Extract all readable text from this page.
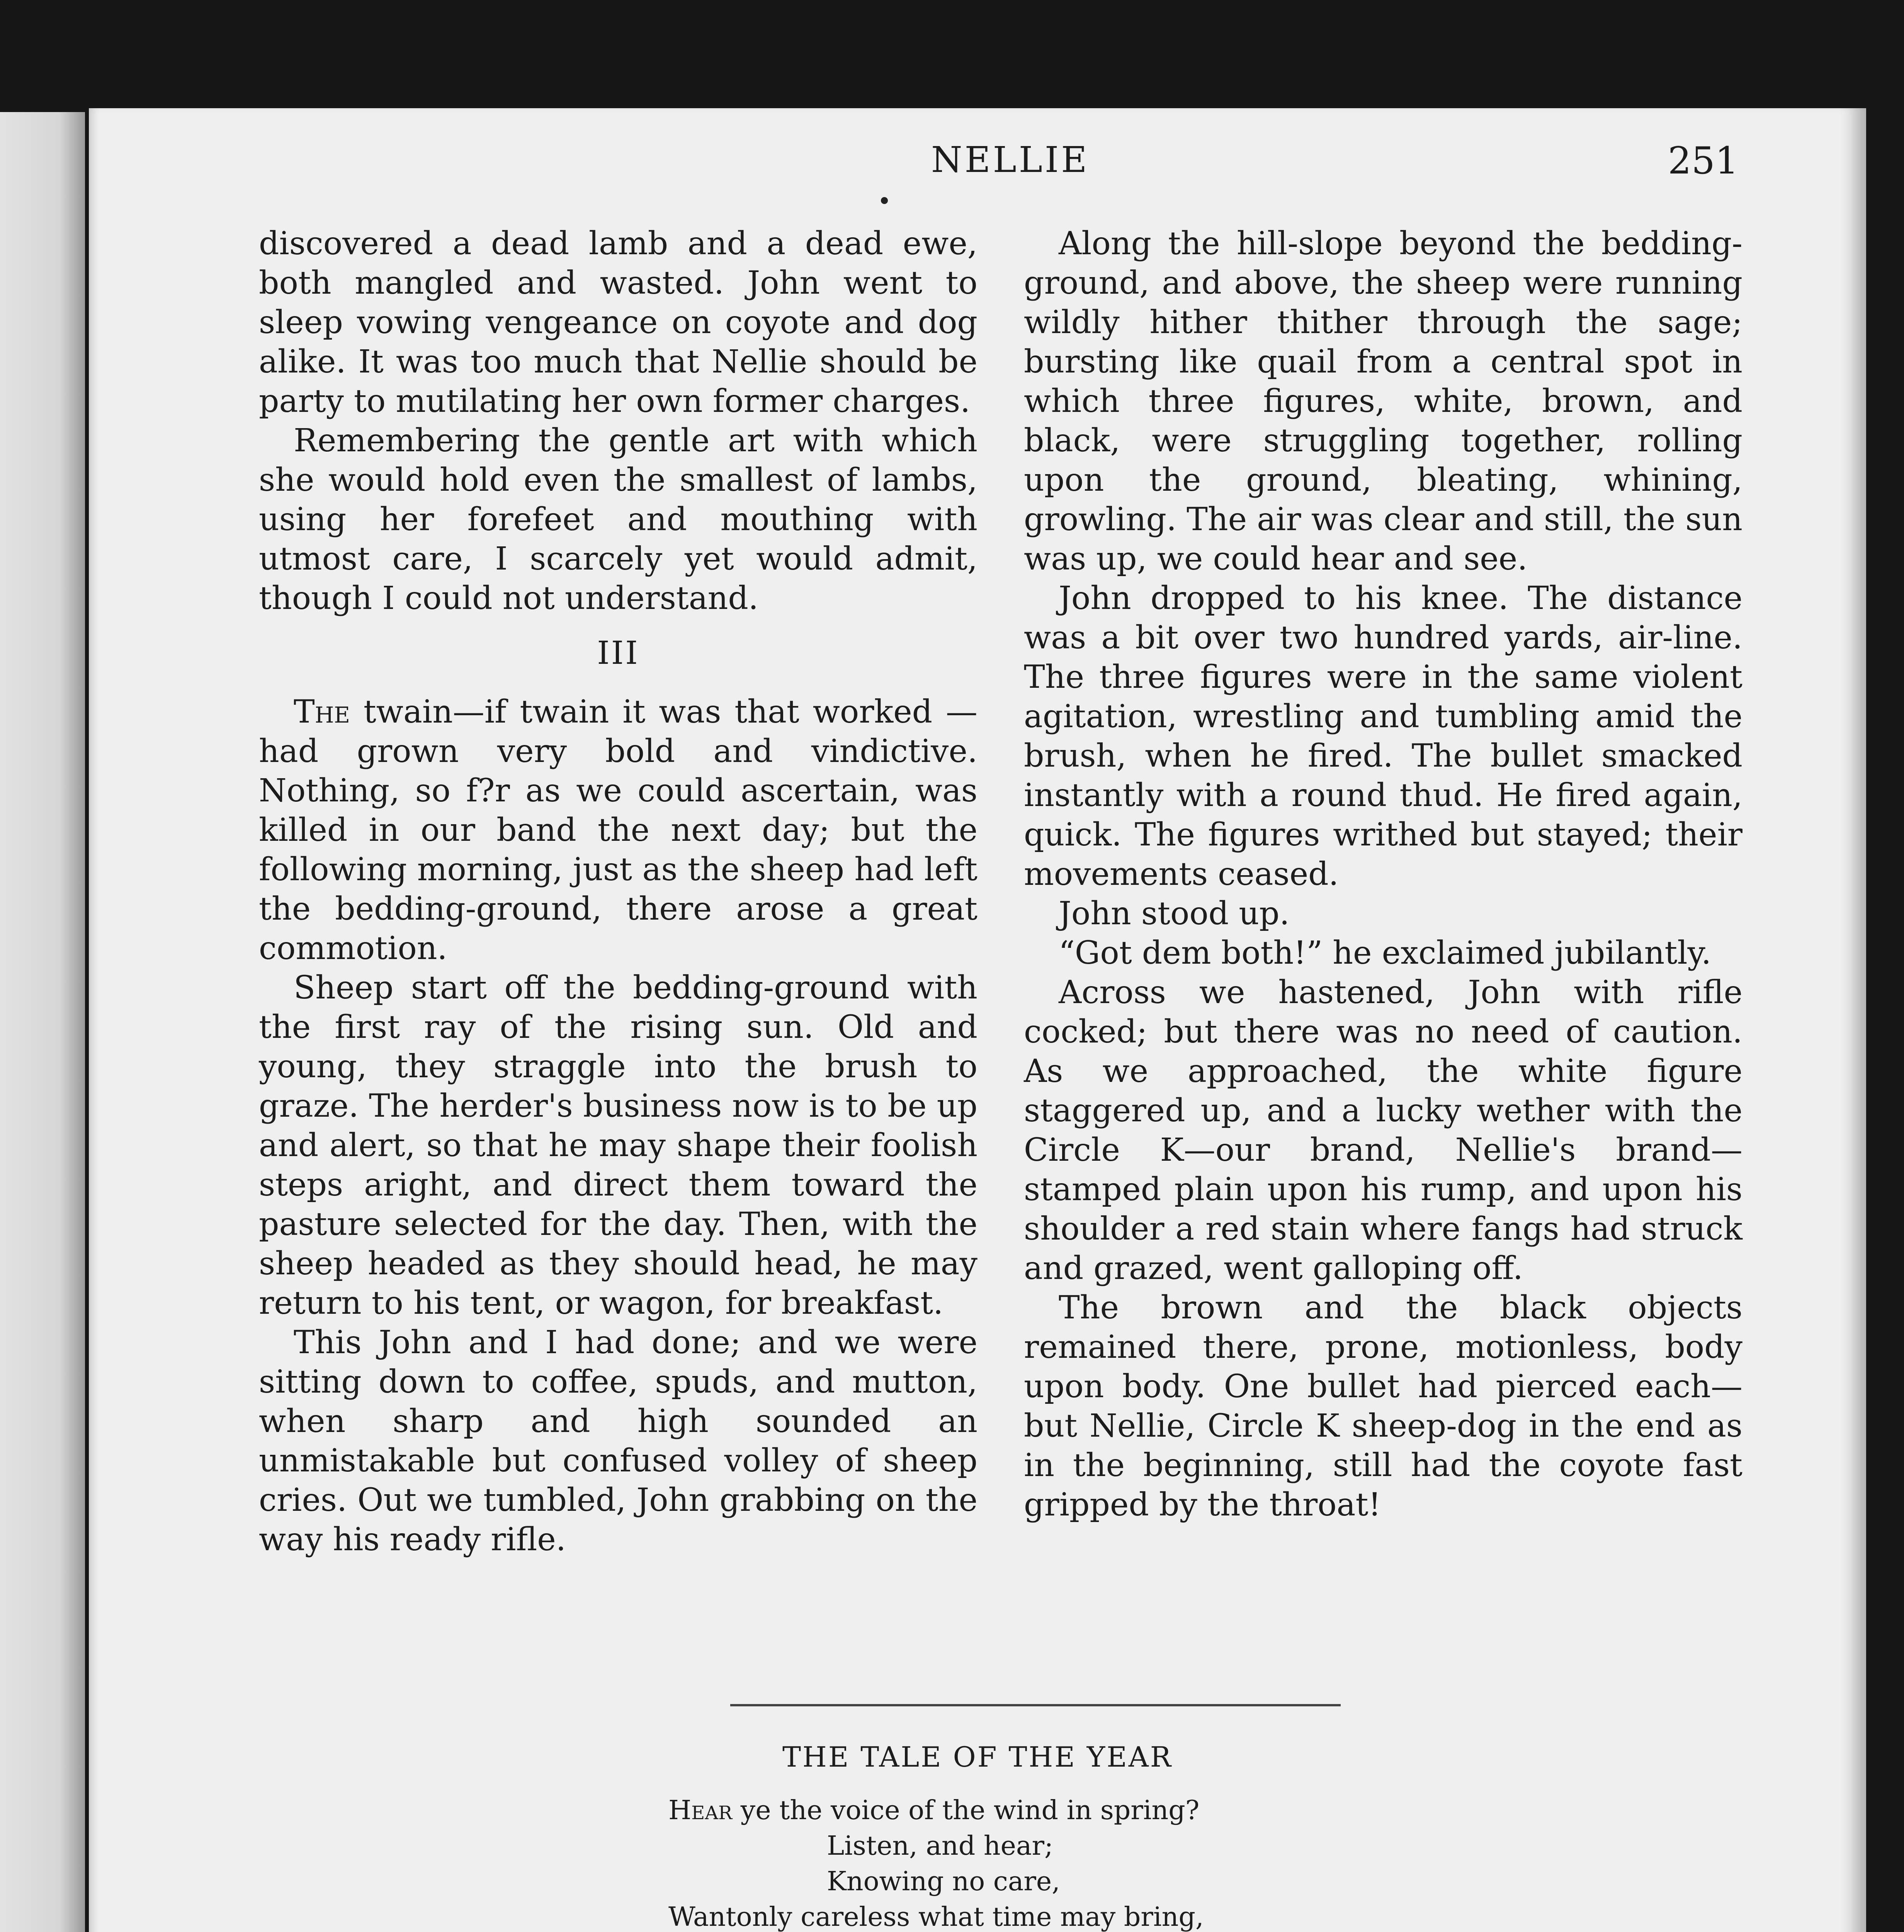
NELLIE	251

discovered a dead lamb and a dead ewe, both mangled and wasted. John went to sleep vowing vengeance on coyote and dog alike. It was too much that Nellie should be party to mutilating her own former charges.

Remembering the gentle art with which she would hold even the smallest of lambs, using her forefeet and mouthing with utmost care, I scarcely yet would admit, though I could not understand.

III

The twain—if twain it was that worked —had grown very bold and vindictive. Nothing, so f?r as we could ascertain, was killed in our band the next day; but the following morning, just as the sheep had left the bedding-ground, there arose a great commotion.

Sheep start off the bedding-ground with the first ray of the rising sun. Old and young, they straggle into the brush to graze. The herder's business now is to be up and alert, so that he may shape their foolish steps aright, and direct them toward the pasture selected for the day. Then, with the sheep headed as they should head, he may return to his tent, or wagon, for breakfast.

This John and I had done; and we were sitting down to coffee, spuds, and mutton, when sharp and high sounded an unmistakable but confused volley of sheep cries. Out we tumbled, John grabbing on the way his ready rifle.

Along the hill-slope beyond the bedding-ground, and above, the sheep were running wildly hither thither through the sage; bursting like quail from a central spot in which three figures, white, brown, and black, were struggling together, rolling upon the ground, bleating, whining, growling. The air was clear and still, the sun was up, we could hear and see.

John dropped to his knee. The distance was a bit over two hundred yards, air-line. The three figures were in the same violent agitation, wrestling and tumbling amid the brush, when he fired. The bullet smacked instantly with a round thud. He fired again, quick. The figures writhed but stayed; their movements ceased.

John stood up.

“Got dem both!” he exclaimed jubilantly.

Across we hastened, John with rifle cocked; but there was no need of caution. As we approached, the white figure staggered up, and a lucky wether with the Circle K—our brand, Nellie's brand—stamped plain upon his rump, and upon his shoulder a red stain where fangs had struck and grazed, went galloping off.

The brown and the black objects remained there, prone, motionless, body upon body. One bullet had pierced each—but Nellie, Circle K sheep-dog in the end as in the beginning, still had the coyote fast gripped by the throat!

THE TALE OF THE YEAR
Hear ye the voice of the wind in spring?
Listen, and hear;
Knowing no care,
Wantonly careless what time may bring,
